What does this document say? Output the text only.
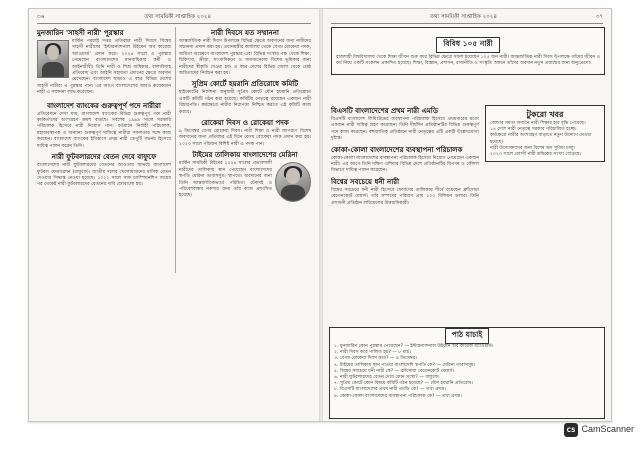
৩৬	তথ্য সাময়িকী সাপ্তাহিক ২০২৪
মুনজারিন 'সাহসী নারী' পুরস্কার
মার্কিন পররাষ্ট্র দপ্তর প্রতিবছর নারী দিবসে বিশ্বের সাহসী নারীদের 'ইন্টারন্যাশনাল উইমেন অব কারেজ অ্যাওয়ার্ড' প্রদান করে। ২০২৪ সালে এ পুরস্কার পেয়েছেন বাংলাদেশের মানবাধিকার কর্মী ও আইনজীবী। তিনি নারী ও শিশু অধিকার, বাল্যবিবাহ প্রতিরোধ এবং আইনি সহায়তা প্রদানের ক্ষেত্রে অবদান রেখেছেন। বাংলাদেশ ছাড়াও এ বছর বিভিন্ন দেশের সাহসী নারীরা এ পুরস্কার পান। এর আগে বাংলাদেশের আরও কয়েকজন নারী এ সম্মাননা লাভ করেছেন।
বাংলাদেশ ব্যাংকের গুরুত্বপূর্ণ পদে নারীরা
প্রতিবেদনে দেখা যায়, বাংলাদেশ ব্যাংকের বিভিন্ন গুরুত্বপূর্ণ পদে নারী কর্মকর্তাদের অংশগ্রহণ ক্রমশ বাড়ছে। সর্বশেষ ১৯৯৯ সালে সরকারি পরিচালক হিসেবে নারী নিয়োগ পান। বর্তমানে নির্বাহী পরিচালক, মহাব্যবস্থাপক ও অন্যান্য গুরুত্বপূর্ণ দায়িত্বে নারীরা সফলতার সঙ্গে কাজ করছেন। বাংলাদেশ ব্যাংকের ইতিহাসে প্রথম নারী ডেপুটি গভর্নর হিসেবে দায়িত্ব পালন করেন তিনি।
নারী ফুটবলারদের বেতন দেবে বাফুফে
বাংলাদেশের নারী ফুটবলারদের বেতনের আওতায় আনছে বাংলাদেশ ফুটবল ফেডারেশন (বাফুফে)। জাতীয় দলের খেলোয়াড়দের মাসিক বেতন দেওয়ার সিদ্ধান্ত নেওয়া হয়েছে। ২০২২ সালে সাফ চ্যাম্পিয়নশিপ জয়ের পর থেকেই নারী ফুটবলারদের বেতনের দাবি জোরালো হয়।
নারী দিবসে যত সম্মাননা
আন্তর্জাতিক নারী দিবস উপলক্ষে বিভিন্ন ক্ষেত্রে অবদানের জন্য নারীদের সম্মাননা প্রদান করা হয়। প্রধানমন্ত্রীর কার্যালয় থেকে বেগম রোকেয়া পদক, জয়িতা অন্বেষণে বাংলাদেশ পুরস্কার এবং বিভিন্ন সংস্থার পক্ষ থেকে শিক্ষা, চিকিৎসা, ক্রীড়া, সাংবাদিকতা ও সমাজসেবায় বিশেষ ভূমিকার জন্য নারীদের স্বীকৃতি দেওয়া হয়। এ বছর দেশের বিভিন্ন জেলা থেকে শ্রেষ্ঠ জয়িতাদের নির্বাচন করা হয়।
সুপ্রিম কোর্টে হয়রানি প্রতিরোধে কমিটি
হাইকোর্টের নির্দেশনা অনুযায়ী সুপ্রিম কোর্টে যৌন হয়রানি প্রতিরোধে একটি কমিটি গঠন করা হয়েছে। কমিটির নেতৃত্বে রয়েছেন একজন নারী বিচারপতি। কর্মক্ষেত্রে নারীর নিরাপত্তা নিশ্চিত করতে এই কমিটি কাজ করবে।
রোকেয়া দিবস ও রোকেয়া পদক
৯ ডিসেম্বর বেগম রোকেয়া দিবস। নারী শিক্ষা ও নারী জাগরণে বিশেষ অবদানের জন্য প্রতিবছর এই দিনে বেগম রোকেয়া পদক প্রদান করা হয়। ২০২৩ সালে পাঁচজন বিশিষ্ট নারী এ পদক পান।
টাইমের তালিকায় বাংলাদেশের মেরিনা
মার্কিন সাময়িকী টাইমের ২০২৪ সালের প্রভাবশালী নারীদের তালিকায় স্থান পেয়েছেন বাংলাদেশের স্থপতি মেরিনা তাবাসসুম। স্থাপত্যে অবদানের জন্য তিনি আন্তর্জাতিকভাবে পরিচিত। টেকসই ও পরিবেশবান্ধব নকশার জন্য তাঁর কাজ প্রশংসিত হয়েছে।
তথ্য সাময়িকী সাপ্তাহিক ২০২৪	৩৭
বিবিধ ১০৫ নারী
রাজশাহী বিশ্ববিদ্যালয় থেকে শিক্ষা জীবন শুরু করে বিভিন্ন ক্ষেত্রে সফল হয়েছেন ১০৫ জন নারী। আন্তর্জাতিক নারী দিবস উপলক্ষে তাঁদের জীবন ও কর্ম নিয়ে একটি সংকলন প্রকাশিত হয়েছে। শিক্ষা, বিজ্ঞান, প্রশাসন, রাজনীতি ও সংস্কৃতি অঙ্গনে তাঁদের অবদান নতুন প্রজন্মের জন্য অনুপ্রেরণা।
বিএসটি বাংলাদেশের প্রথম নারী এমডি
বিএসটি বাংলাদেশ লিমিটেডের ব্যবস্থাপনা পরিচালক হিসেবে প্রথমবারের মতো একজন নারী দায়িত্ব গ্রহণ করেছেন। তিনি দীর্ঘদিন প্রতিষ্ঠানটির বিভিন্ন গুরুত্বপূর্ণ পদে কাজ করেছেন। বহুজাতিক প্রতিষ্ঠানে নারী নেতৃত্বের এটি একটি উল্লেখযোগ্য দৃষ্টান্ত।
কোকা-কোলা বাংলাদেশের ব্যবস্থাপনা পরিচালক
কোকা-কোলা বাংলাদেশের ব্যবস্থাপনা পরিচালক হিসেবে নিয়োগ পেয়েছেন একজন নারী। এর আগে তিনি দক্ষিণ এশিয়ার বিভিন্ন দেশে প্রতিষ্ঠানটির বিপণন ও কৌশল বিভাগে দায়িত্ব পালন করেছেন।
বিশ্বের সবচেয়ে ধনী নারী
বিশ্বের সবচেয়ে ধনী নারী হিসেবে ফোর্বসের তালিকায় শীর্ষে রয়েছেন ফ্রাঁসোয়া বেতেনকোর্ট মেয়ার্স। তাঁর সম্পদের পরিমাণ প্রায় ১০০ বিলিয়ন ডলার। তিনি প্রসাধনী প্রতিষ্ঠান লরিয়েলের উত্তরাধিকারী।
টুকরো খবর
জেন্ডার সমতা অর্জনে নারী শিক্ষার হার বৃদ্ধি পেয়েছে।
১৪ দেশে নারী নেতৃত্বে সরকার পরিচালিত হচ্ছে।
কর্মক্ষেত্রে নারীর অংশগ্রহণ বাড়াতে নতুন উদ্যোগ নেওয়া হয়েছে।
নারী উদ্যোক্তাদের জন্য বিশেষ ঋণ সুবিধা চালু।
২০২৩ সালে প্রবাসী নারী শ্রমিকের সংখ্যা বেড়েছে।
পাঠ যাচাই
১. মুনজারিন কোন পুরস্কার পেয়েছেন? — ইন্টারন্যাশনাল উইমেন অব কারেজ অ্যাওয়ার্ড।
২. নারী দিবস কবে পালিত হয়? — ৮ মার্চ।
৩. বেগম রোকেয়া দিবস কবে? — ৯ ডিসেম্বর।
৪. টাইমের তালিকায় স্থান পাওয়া বাংলাদেশি স্থপতি কে? — মেরিনা তাবাসসুম।
৫. বিশ্বের সবচেয়ে ধনী নারী কে? — ফ্রাঁসোয়া বেতেনকোর্ট মেয়ার্স।
৬. নারী ফুটবলারদের বেতন দেবে কোন সংস্থা? — বাফুফে।
৭. সুপ্রিম কোর্টে কোন বিষয়ে কমিটি গঠন হয়েছে? — যৌন হয়রানি প্রতিরোধ।
৮. বিএসটি বাংলাদেশের প্রথম নারী এমডি কে? — তথ্য প্রদত্ত।
৯. কোকা-কোলা বাংলাদেশের ব্যবস্থাপনা পরিচালক কে? — তথ্য প্রদত্ত।
CS CamScanner
